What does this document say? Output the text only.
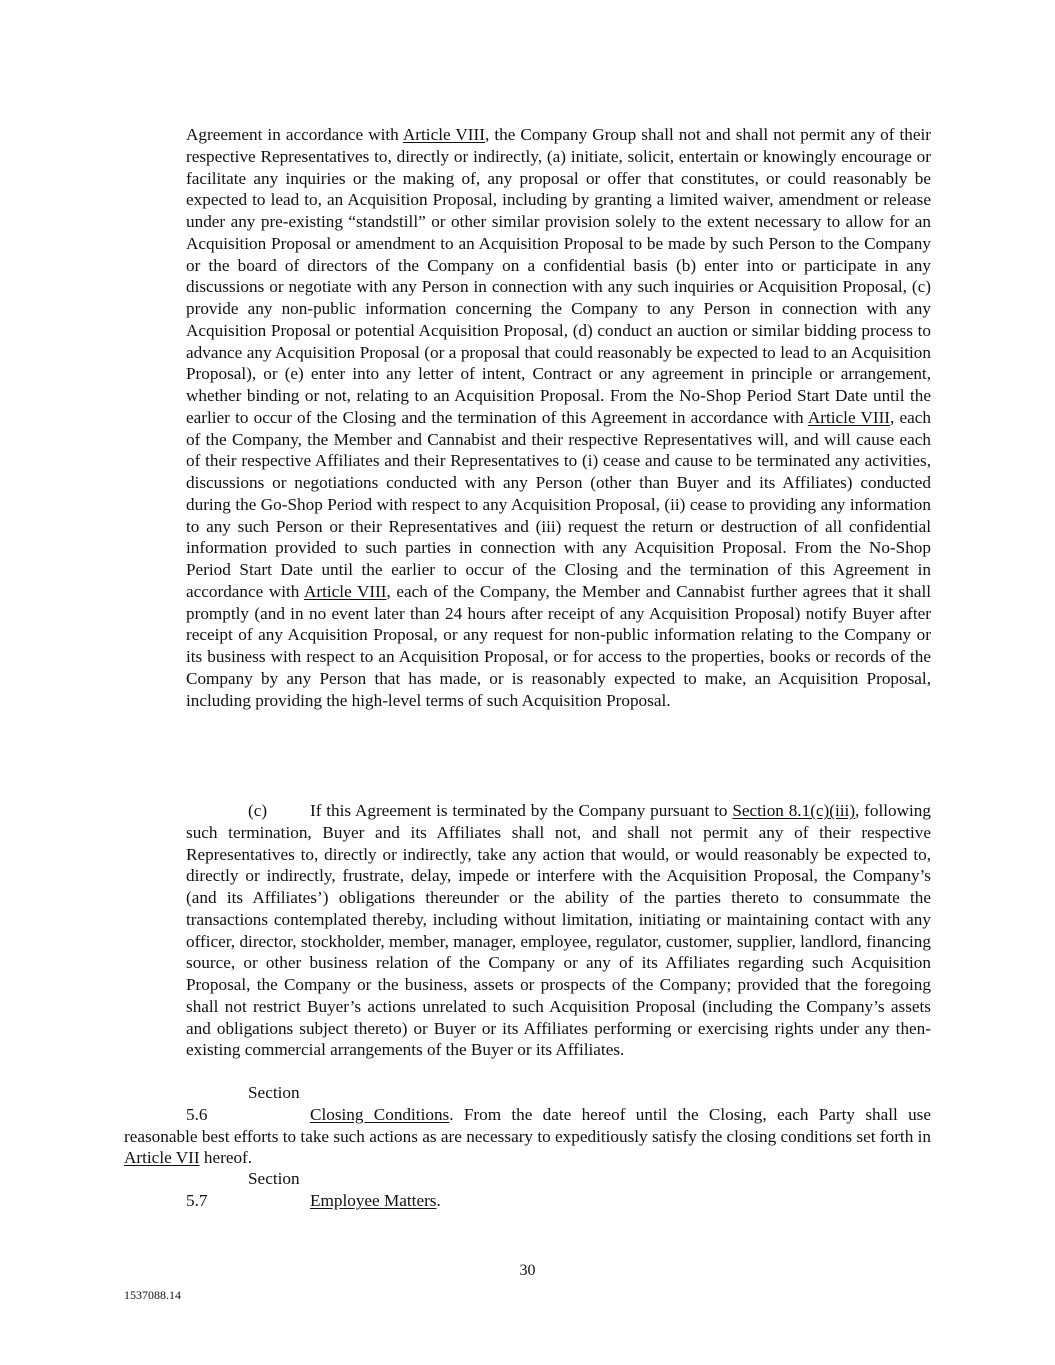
Agreement in accordance with Article VIII, the Company Group shall not and shall not permit any of their respective Representatives to, directly or indirectly, (a) initiate, solicit, entertain or knowingly encourage or facilitate any inquiries or the making of, any proposal or offer that constitutes, or could reasonably be expected to lead to, an Acquisition Proposal, including by granting a limited waiver, amendment or release under any pre-existing “standstill” or other similar provision solely to the extent necessary to allow for an Acquisition Proposal or amendment to an Acquisition Proposal to be made by such Person to the Company or the board of directors of the Company on a confidential basis (b) enter into or participate in any discussions or negotiate with any Person in connection with any such inquiries or Acquisition Proposal, (c) provide any non-public information concerning the Company to any Person in connection with any Acquisition Proposal or potential Acquisition Proposal, (d) conduct an auction or similar bidding process to advance any Acquisition Proposal (or a proposal that could reasonably be expected to lead to an Acquisition Proposal), or (e) enter into any letter of intent, Contract or any agreement in principle or arrangement, whether binding or not, relating to an Acquisition Proposal. From the No-Shop Period Start Date until the earlier to occur of the Closing and the termination of this Agreement in accordance with Article VIII, each of the Company, the Member and Cannabist and their respective Representatives will, and will cause each of their respective Affiliates and their Representatives to (i) cease and cause to be terminated any activities, discussions or negotiations conducted with any Person (other than Buyer and its Affiliates) conducted during the Go-Shop Period with respect to any Acquisition Proposal, (ii) cease to providing any information to any such Person or their Representatives and (iii) request the return or destruction of all confidential information provided to such parties in connection with any Acquisition Proposal. From the No-Shop Period Start Date until the earlier to occur of the Closing and the termination of this Agreement in accordance with Article VIII, each of the Company, the Member and Cannabist further agrees that it shall promptly (and in no event later than 24 hours after receipt of any Acquisition Proposal) notify Buyer after receipt of any Acquisition Proposal, or any request for non-public information relating to the Company or its business with respect to an Acquisition Proposal, or for access to the properties, books or records of the Company by any Person that has made, or is reasonably expected to make, an Acquisition Proposal, including providing the high-level terms of such Acquisition Proposal.

(c) If this Agreement is terminated by the Company pursuant to Section 8.1(c)(iii), following such termination, Buyer and its Affiliates shall not, and shall not permit any of their respective Representatives to, directly or indirectly, take any action that would, or would reasonably be expected to, directly or indirectly, frustrate, delay, impede or interfere with the Acquisition Proposal, the Company’s (and its Affiliates’) obligations thereunder or the ability of the parties thereto to consummate the transactions contemplated thereby, including without limitation, initiating or maintaining contact with any officer, director, stockholder, member, manager, employee, regulator, customer, supplier, landlord, financing source, or other business relation of the Company or any of its Affiliates regarding such Acquisition Proposal, the Company or the business, assets or prospects of the Company; provided that the foregoing shall not restrict Buyer’s actions unrelated to such Acquisition Proposal (including the Company’s assets and obligations subject thereto) or Buyer or its Affiliates performing or exercising rights under any then-existing commercial arrangements of the Buyer or its Affiliates.

Section 5.6	Closing Conditions. From the date hereof until the Closing, each Party shall use reasonable best efforts to take such actions as are necessary to expeditiously satisfy the closing conditions set forth in Article VII hereof.

Section 5.7	Employee Matters.

30
1537088.14
